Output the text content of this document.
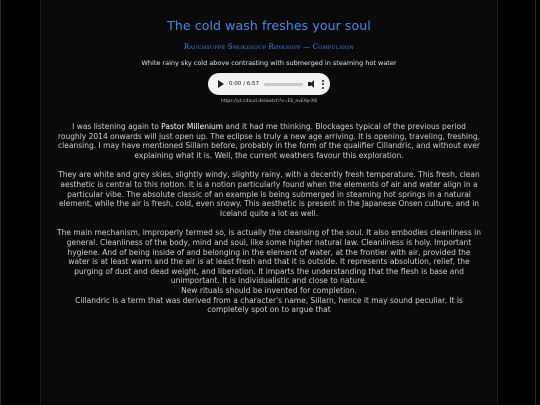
The cold wash freshes your soul
Rauchsuppe Smokesoup Røyksopp — Compulsion
White rainy sky cold above contrasting with submerged in steaming hot water
0:00 / 6:57
https://yt.cdaud.de/watch?v=Ek_evEAp-X8

I was listening again to Pastor Millenium and it had me thinking. Blockages typical of the previous period roughly 2014 onwards will just open up. The eclipse is truly a new age arriving. It is opening, traveling, freshing, cleansing. I may have mentioned Sillarn before, probably in the form of the qualifier Cillandric, and without ever explaining what it is. Well, the current weathers favour this exploration.

They are white and grey skies, slightly windy, slightly rainy, with a decently fresh temperature. This fresh, clean aesthetic is central to this notion. It is a notion particularly found when the elements of air and water align in a particular vibe. The absolute classic of an example is being submerged in steaming hot springs in a natural element, while the air is fresh, cold, even snowy. This aesthetic is present in the Japanese Onsen culture, and in Iceland quite a lot as well.

The main mechanism, improperly termed so, is actually the cleansing of the soul. It also embodies cleanliness in general. Cleanliness of the body, mind and soul, like some higher natural law. Cleanliness is holy. Important hygiene. And of being inside of and belonging in the element of water, at the frontier with air, provided the water is at least warm and the air is at least fresh and that it is outside. It represents absolution, relief, the purging of dust and dead weight, and liberation. It imparts the understanding that the flesh is base and unimportant. It is individualistic and close to nature.
New rituals should be invented for completion.
Cillandric is a term that was derived from a character's name, Sillarn, hence it may sound peculiar. It is completely spot on to argue that
